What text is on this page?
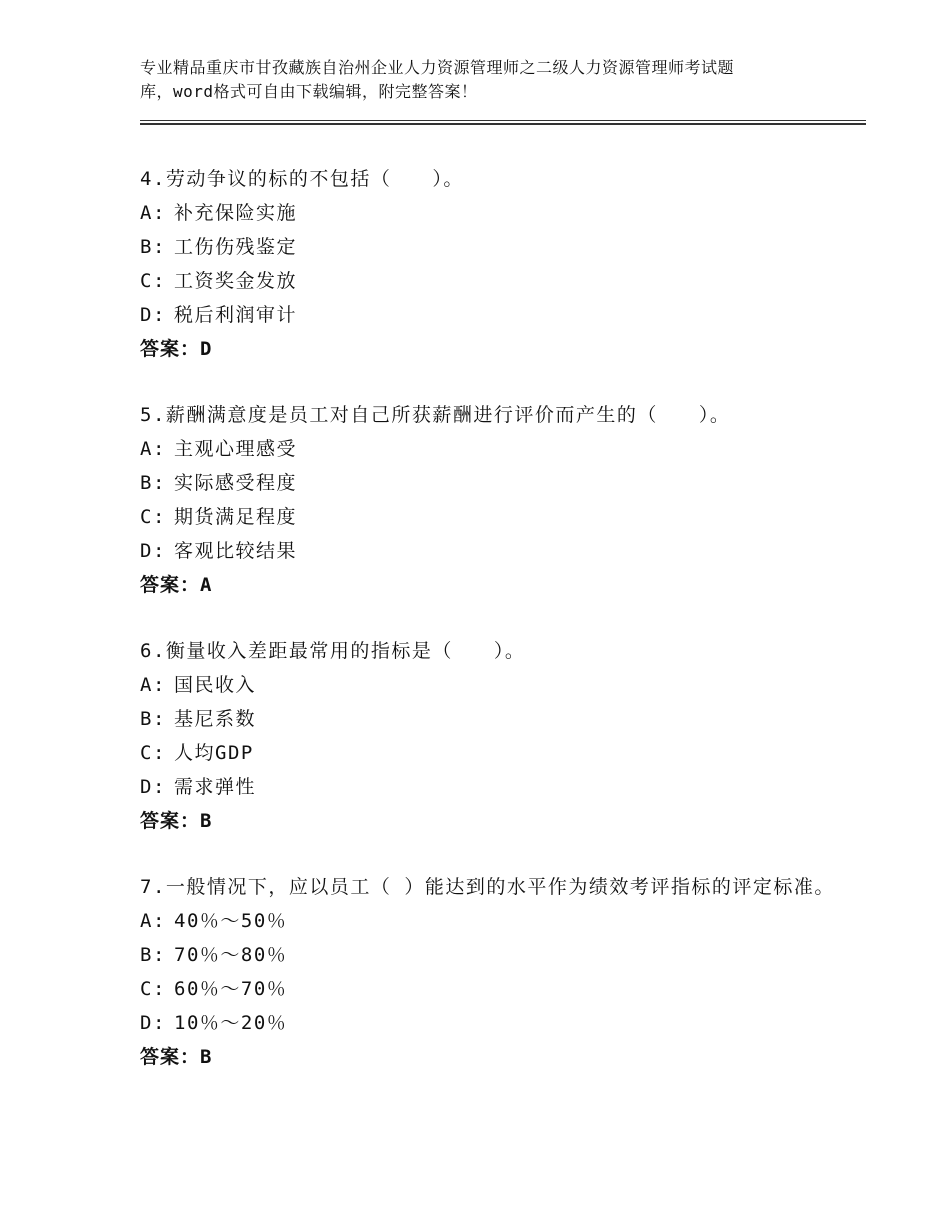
专业精品重庆市甘孜藏族自治州企业人力资源管理师之二级人力资源管理师考试题
库，word格式可自由下载编辑，附完整答案！
4.劳动争议的标的不包括（　　）。
A: 补充保险实施
B: 工伤伤残鉴定
C: 工资奖金发放
D: 税后利润审计
答案：D
5.薪酬满意度是员工对自己所获薪酬进行评价而产生的（　　）。
A: 主观心理感受
B: 实际感受程度
C: 期货满足程度
D: 客观比较结果
答案：A
6.衡量收入差距最常用的指标是（　　）。
A: 国民收入
B: 基尼系数
C: 人均GDP
D: 需求弹性
答案：B
7.一般情况下，应以员工（ ）能达到的水平作为绩效考评指标的评定标准。
A: 40％～50％
B: 70％～80％
C: 60％～70％
D: 10％～20％
答案：B
